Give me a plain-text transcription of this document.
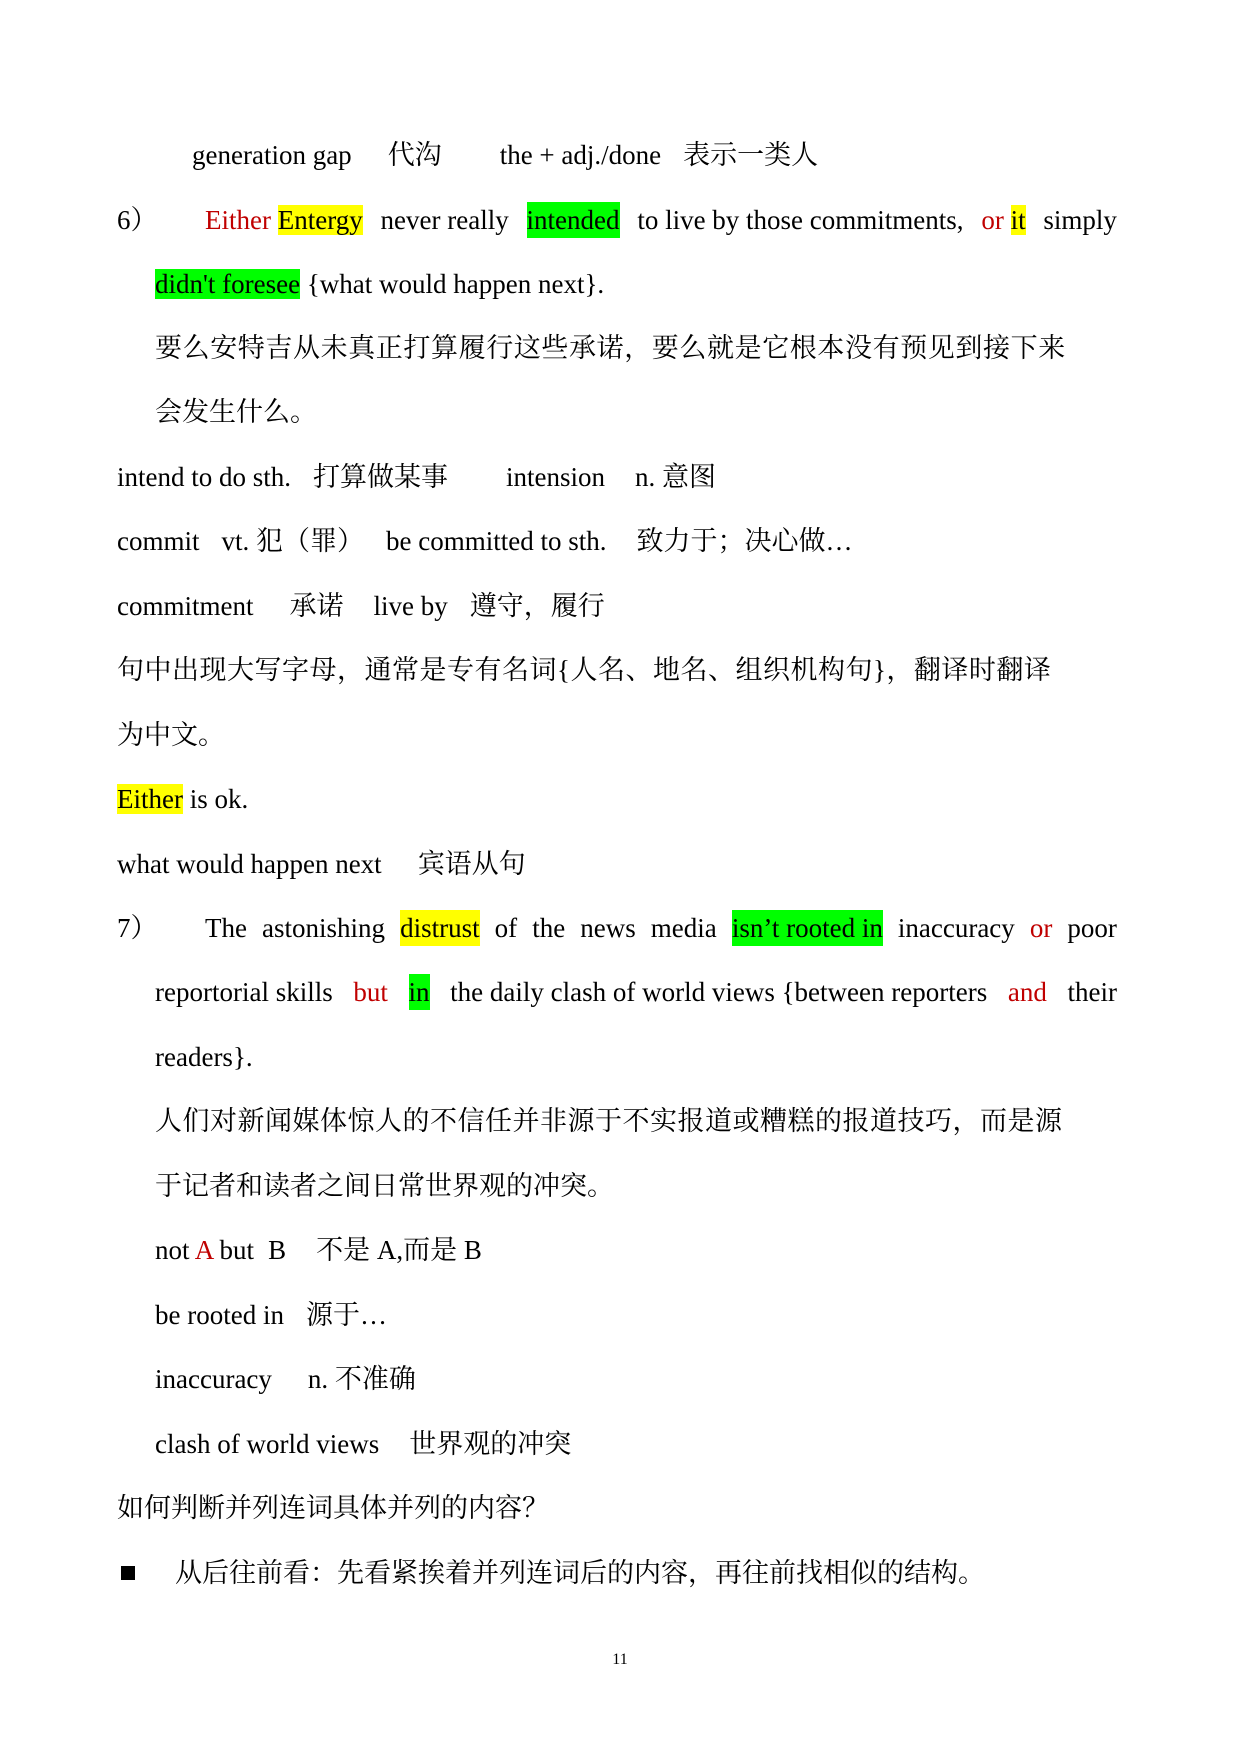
generation gap 代沟 the + adj./done 表示一类人
6） Either Entergy never really intended to live by those commitments, or it simply
didn't foresee {what would happen next}.
要么安特吉从未真正打算履行这些承诺，要么就是它根本没有预见到接下来
会发生什么。
intend to do sth. 打算做某事 intension n. 意图
commit vt. 犯（罪） be committed to sth. 致力于；决心做…
commitment 承诺 live by 遵守，履行
句中出现大写字母，通常是专有名词{人名、地名、组织机构句}，翻译时翻译
为中文。
Either is ok.
what would happen next 宾语从句
7） The astonishing distrust of the news media isn’t rooted in inaccuracy or poor
reportorial skills but in the daily clash of world views {between reporters and their
readers}.
人们对新闻媒体惊人的不信任并非源于不实报道或糟糕的报道技巧，而是源
于记者和读者之间日常世界观的冲突。
not A but B 不是 A,而是 B
be rooted in 源于…
inaccuracy n. 不准确
clash of world views 世界观的冲突
如何判断并列连词具体并列的内容？
从后往前看：先看紧挨着并列连词后的内容，再往前找相似的结构。
11
